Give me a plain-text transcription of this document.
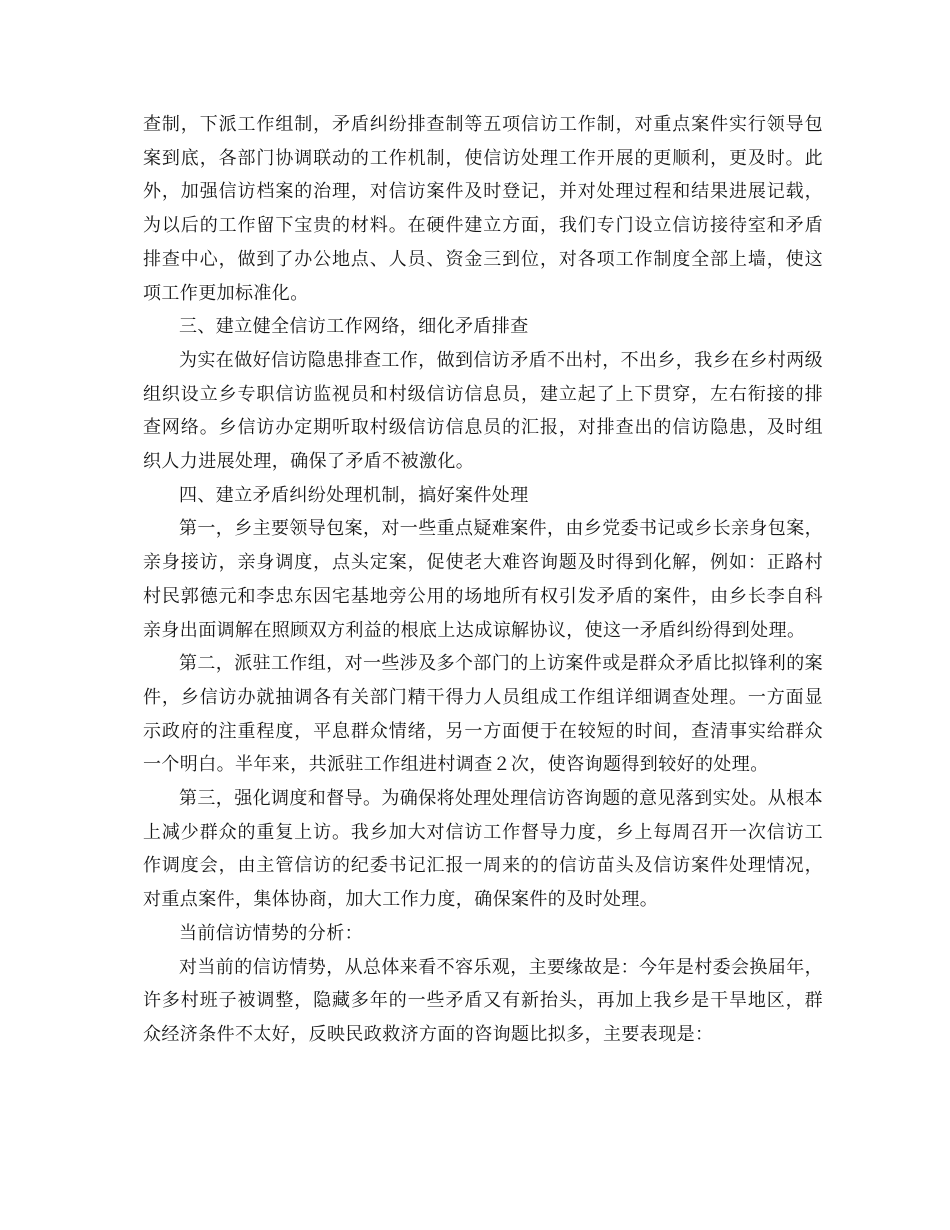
查制，下派工作组制，矛盾纠纷排查制等五项信访工作制，对重点案件实行领导包案到底，各部门协调联动的工作机制，使信访处理工作开展的更顺利，更及时。此外，加强信访档案的治理，对信访案件及时登记，并对处理过程和结果进展记载，为以后的工作留下宝贵的材料。在硬件建立方面，我们专门设立信访接待室和矛盾排查中心，做到了办公地点、人员、资金三到位，对各项工作制度全部上墙，使这项工作更加标准化。

三、建立健全信访工作网络，细化矛盾排查

为实在做好信访隐患排查工作，做到信访矛盾不出村，不出乡，我乡在乡村两级组织设立乡专职信访监视员和村级信访信息员，建立起了上下贯穿，左右衔接的排查网络。乡信访办定期听取村级信访信息员的汇报，对排查出的信访隐患，及时组织人力进展处理，确保了矛盾不被激化。

四、建立矛盾纠纷处理机制，搞好案件处理

第一，乡主要领导包案，对一些重点疑难案件，由乡党委书记或乡长亲身包案，亲身接访，亲身调度，点头定案，促使老大难咨询题及时得到化解，例如：正路村村民郭德元和李忠东因宅基地旁公用的场地所有权引发矛盾的案件，由乡长李自科亲身出面调解在照顾双方利益的根底上达成谅解协议，使这一矛盾纠纷得到处理。

第二，派驻工作组，对一些涉及多个部门的上访案件或是群众矛盾比拟锋利的案件，乡信访办就抽调各有关部门精干得力人员组成工作组详细调查处理。一方面显示政府的注重程度，平息群众情绪，另一方面便于在较短的时间，查清事实给群众一个明白。半年来，共派驻工作组进村调查２次，使咨询题得到较好的处理。

第三，强化调度和督导。为确保将处理处理信访咨询题的意见落到实处。从根本上减少群众的重复上访。我乡加大对信访工作督导力度，乡上每周召开一次信访工作调度会，由主管信访的纪委书记汇报一周来的的信访苗头及信访案件处理情况，对重点案件，集体协商，加大工作力度，确保案件的及时处理。

当前信访情势的分析：

对当前的信访情势，从总体来看不容乐观，主要缘故是：今年是村委会换届年，许多村班子被调整，隐藏多年的一些矛盾又有新抬头，再加上我乡是干旱地区，群众经济条件不太好，反映民政救济方面的咨询题比拟多，主要表现是：
